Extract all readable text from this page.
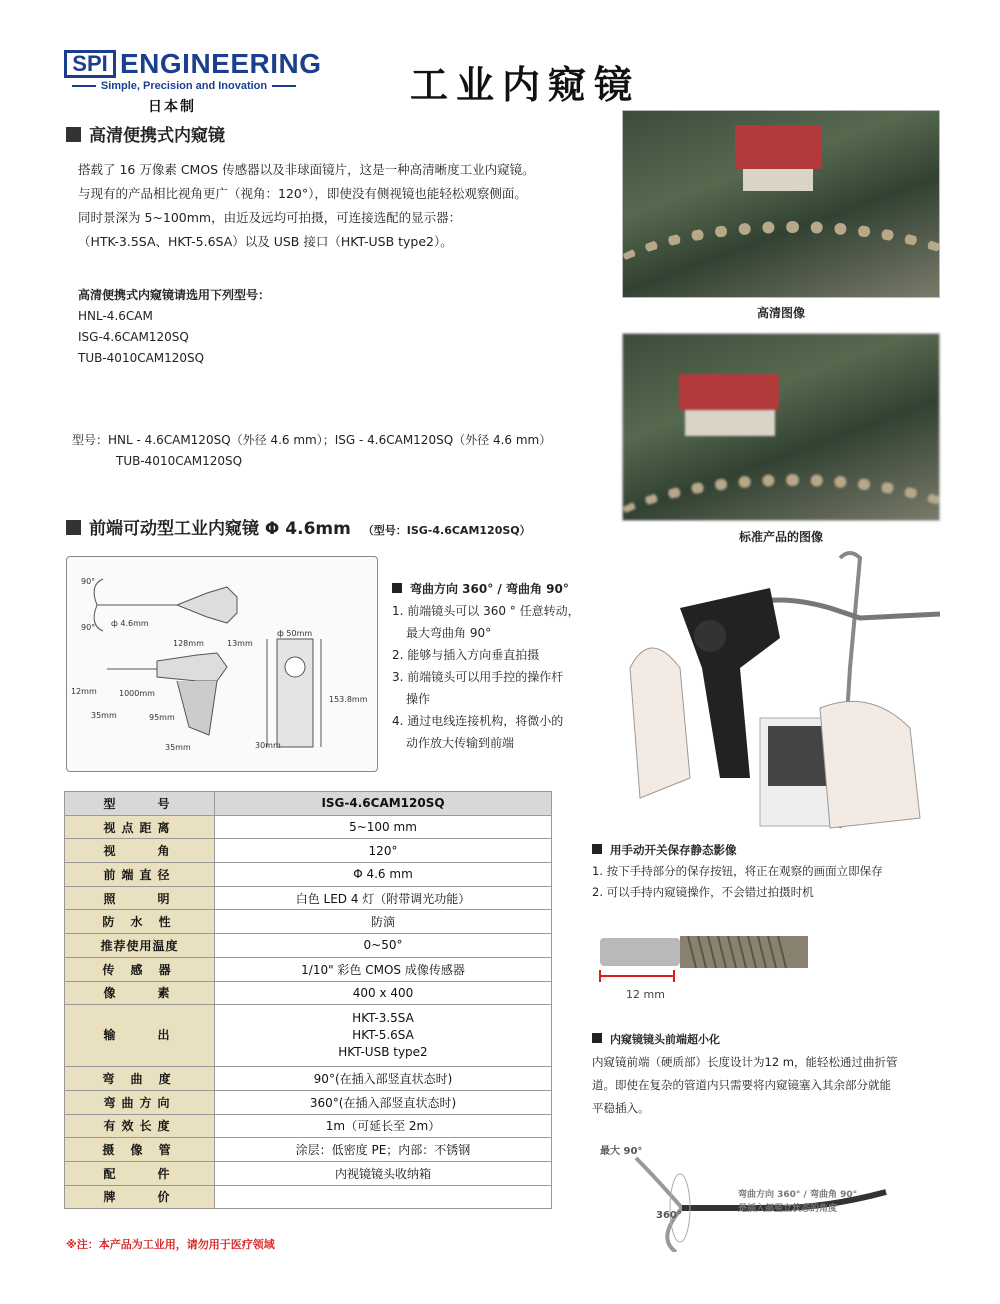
SPI ENGINEERING
Simple, Precision and Inovation
日本制	工业内窥镜
高清便携式内窥镜
搭载了 16 万像素 CMOS 传感器以及非球面镜片，这是一种高清晰度工业内窥镜。
与现有的产品相比视角更广（视角：120°），即使没有侧视镜也能轻松观察侧面。
同时景深为 5~100mm，由近及远均可拍摄，可连接选配的显示器：
（HTK-3.5SA、HKT-5.6SA）以及 USB 接口（HKT-USB type2）。
高清便携式内窥镜请选用下列型号：
HNL-4.6CAM
ISG-4.6CAM120SQ
TUB-4010CAM120SQ
型号：HNL - 4.6CAM120SQ（外径 4.6 mm）；ISG - 4.6CAM120SQ（外径 4.6 mm）
TUB-4010CAM120SQ
高清图像
标准产品的图像
前端可动型工业内窥镜 Φ 4.6mm （型号：ISG-4.6CAM120SQ）
90°
90° ф 4.6mm
128mm	13mm
ф 50mm
12mm	1000mm
35mm	95mm
35mm	30mm
153.8mm
弯曲方向 360° / 弯曲角 90°
1. 前端镜头可以 360 ° 任意转动，
最大弯曲角 90°
2. 能够与插入方向垂直拍摄
3. 前端镜头可以用手控的操作杆
操作
4. 通过电线连接机构，将微小的
动作放大传输到前端
用手动开关保存静态影像
1. 按下手持部分的保存按钮，将正在观察的画面立即保存
2. 可以手持内窥镜操作，不会错过拍摄时机
12 mm
内窥镜镜头前端超小化
内窥镜前端（硬质部）长度设计为12 m，能轻松通过曲折管
道。即使在复杂的管道内只需要将内窥镜塞入其余部分就能
平稳插入。
最大 90°
360°
弯曲方向 360° / 弯曲角 90°
是插入部竖立状态的角度
型　　号	ISG-4.6CAM120SQ
视点距离	5~100 mm
视　　角	120°
前端直径	Φ 4.6 mm
照　　明	白色 LED 4 灯（附带调光功能）
防 水 性	防滴
推荐使用温度	0~50°
传 感 器	1/10" 彩色 CMOS 成像传感器
像　　素	400 x 400
输　　出	HKT-3.5SA
HKT-5.6SA
HKT-USB type2

弯 曲 度	90°(在插入部竖直状态时)
弯曲方向	360°(在插入部竖直状态时)
有效长度	1m（可延长至 2m）
摄 像 管	涂层：低密度 PE；内部：不锈钢
配　　件	内视镜镜头收纳箱
牌　　价	
※注：本产品为工业用，请勿用于医疗领域
